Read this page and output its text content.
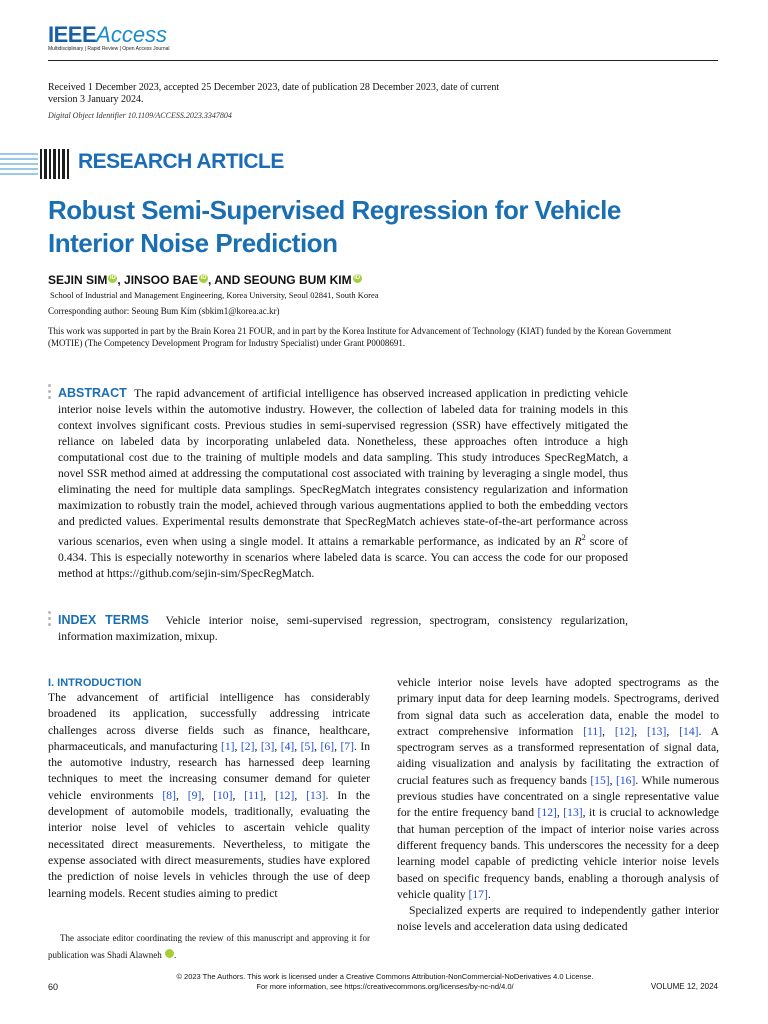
IEEEAccess
Multidisciplinary | Rapid Review | Open Access Journal
Received 1 December 2023, accepted 25 December 2023, date of publication 28 December 2023, date of current version 3 January 2024.
Digital Object Identifier 10.1109/ACCESS.2023.3347804
RESEARCH ARTICLE
Robust Semi-Supervised Regression for Vehicle Interior Noise Prediction
SEJIN SIM iD , JINSOO BAE iD , AND SEOUNG BUM KIM iD
School of Industrial and Management Engineering, Korea University, Seoul 02841, South Korea
Corresponding author: Seoung Bum Kim (sbkim1@korea.ac.kr)
This work was supported in part by the Brain Korea 21 FOUR, and in part by the Korea Institute for Advancement of Technology (KIAT) funded by the Korean Government (MOTIE) (The Competency Development Program for Industry Specialist) under Grant P0008691.
ABSTRACT The rapid advancement of artificial intelligence has observed increased application in predicting vehicle interior noise levels within the automotive industry. However, the collection of labeled data for training models in this context involves significant costs. Previous studies in semi-supervised regression (SSR) have effectively mitigated the reliance on labeled data by incorporating unlabeled data. Nonetheless, these approaches often introduce a high computational cost due to the training of multiple models and data sampling. This study introduces SpecRegMatch, a novel SSR method aimed at addressing the computational cost associated with training by leveraging a single model, thus eliminating the need for multiple data samplings. SpecRegMatch integrates consistency regularization and information maximization to robustly train the model, achieved through various augmentations applied to both the embedding vectors and predicted values. Experimental results demonstrate that SpecRegMatch achieves state-of-the-art performance across various scenarios, even when using a single model. It attains a remarkable performance, as indicated by an $R^2$ score of 0.434. This is especially noteworthy in scenarios where labeled data is scarce. You can access the code for our proposed method at https://github.com/sejin-sim/SpecRegMatch.
INDEX TERMS Vehicle interior noise, semi-supervised regression, spectrogram, consistency regularization, information maximization, mixup.
I. INTRODUCTION
The advancement of artificial intelligence has considerably broadened its application, successfully addressing intricate challenges across diverse fields such as finance, healthcare, pharmaceuticals, and manufacturing [1], [2], [3], [4], [5], [6], [7]. In the automotive industry, research has harnessed deep learning techniques to meet the increasing consumer demand for quieter vehicle environments [8], [9], [10], [11], [12], [13]. In the development of automobile models, traditionally, evaluating the interior noise level of vehicles to ascertain vehicle quality necessitated direct measurements. Nevertheless, to mitigate the expense associated with direct measurements, studies have explored the prediction of noise levels in vehicles through the use of deep learning models. Recent studies aiming to predict
The associate editor coordinating the review of this manuscript and approving it for publication was Shadi Alawneh	iD.

vehicle interior noise levels have adopted spectrograms as the primary input data for deep learning models. Spectrograms, derived from signal data such as acceleration data, enable the model to extract comprehensive information [11], [12], [13], [14]. A spectrogram serves as a transformed representation of signal data, aiding visualization and analysis by facilitating the extraction of crucial features such as frequency bands [15], [16]. While numerous previous studies have concentrated on a single representative value for the entire frequency band [12], [13], it is crucial to acknowledge that human perception of the impact of interior noise varies across different frequency bands. This underscores the necessity for a deep learning model capable of predicting vehicle interior noise levels based on specific frequency bands, enabling a thorough analysis of vehicle quality [17].

Specialized experts are required to independently gather interior noise levels and acceleration data using dedicated

© 2023 The Authors. This work is licensed under a Creative Commons Attribution-NonCommercial-NoDerivatives 4.0 License.
For more information, see https://creativecommons.org/licenses/by-nc-nd/4.0/
60	VOLUME 12, 2024
